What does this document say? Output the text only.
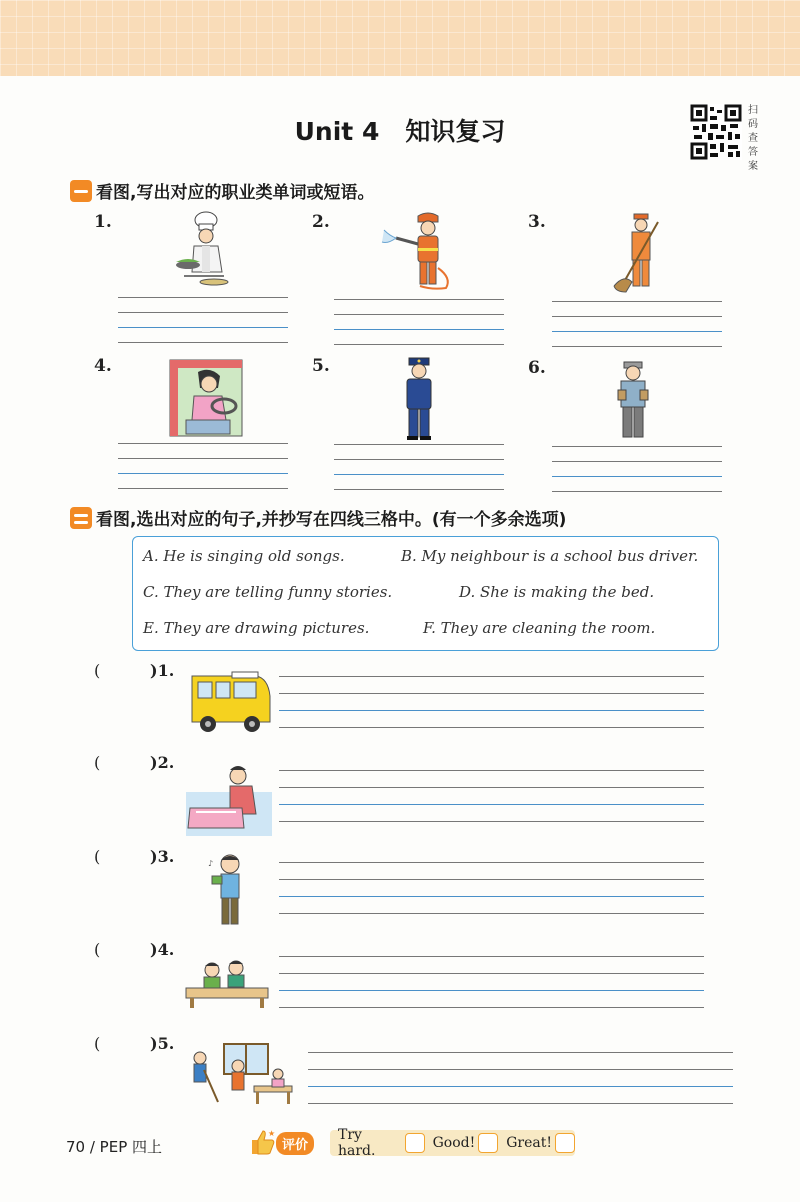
Unit 4 知识复习
扫
码
查
答
案
看图,写出对应的职业类单词或短语。
1.	2.	3.
4.	5.	6.
看图,选出对应的句子,并抄写在四线三格中。(有一个多余选项)
A. He is singing old songs.	B. My neighbour is a school bus driver.
C. They are telling funny stories.	D. She is making the bed.
E. They are drawing pictures.	F. They are cleaning the room.
(	)1.
(	)2.
(	)3.	♪
(	)4.
(	)5.
70 / PEP 四上
★
评价
Try hard.	Good! Great!
